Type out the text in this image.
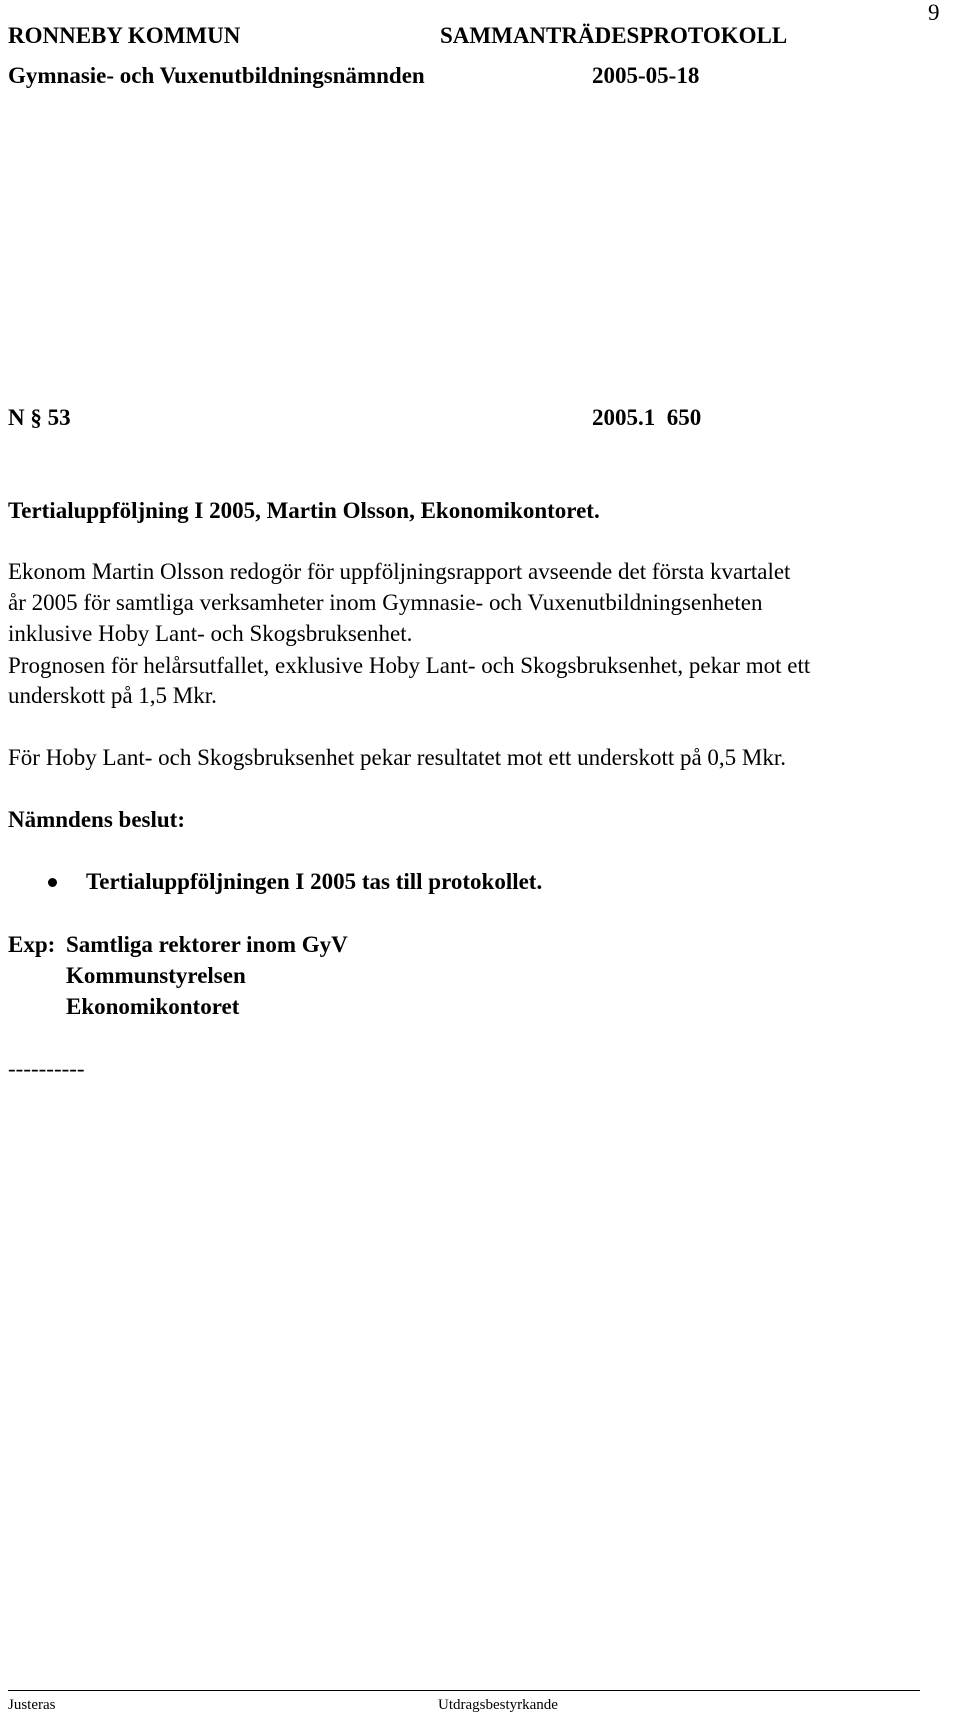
9
RONNEBY KOMMUN	SAMMANTRÄDESPROTOKOLL
Gymnasie- och Vuxenutbildningsnämnden	2005-05-18
N § 53	2005.1  650
Tertialuppföljning I 2005, Martin Olsson, Ekonomikontoret.
Ekonom Martin Olsson redogör för uppföljningsrapport avseende det första kvartalet
år 2005 för samtliga verksamheter inom Gymnasie- och Vuxenutbildningsenheten
inklusive Hoby Lant- och Skogsbruksenhet.
Prognosen för helårsutfallet, exklusive Hoby Lant- och Skogsbruksenhet, pekar mot ett
underskott på 1,5 Mkr.
För Hoby Lant- och Skogsbruksenhet pekar resultatet mot ett underskott på 0,5 Mkr.
Nämndens beslut:
Tertialuppföljningen I 2005 tas till protokollet.
Exp: Samtliga rektorer inom GyV
Kommunstyrelsen
Ekonomikontoret
----------
Justeras	Utdragsbestyrkande
